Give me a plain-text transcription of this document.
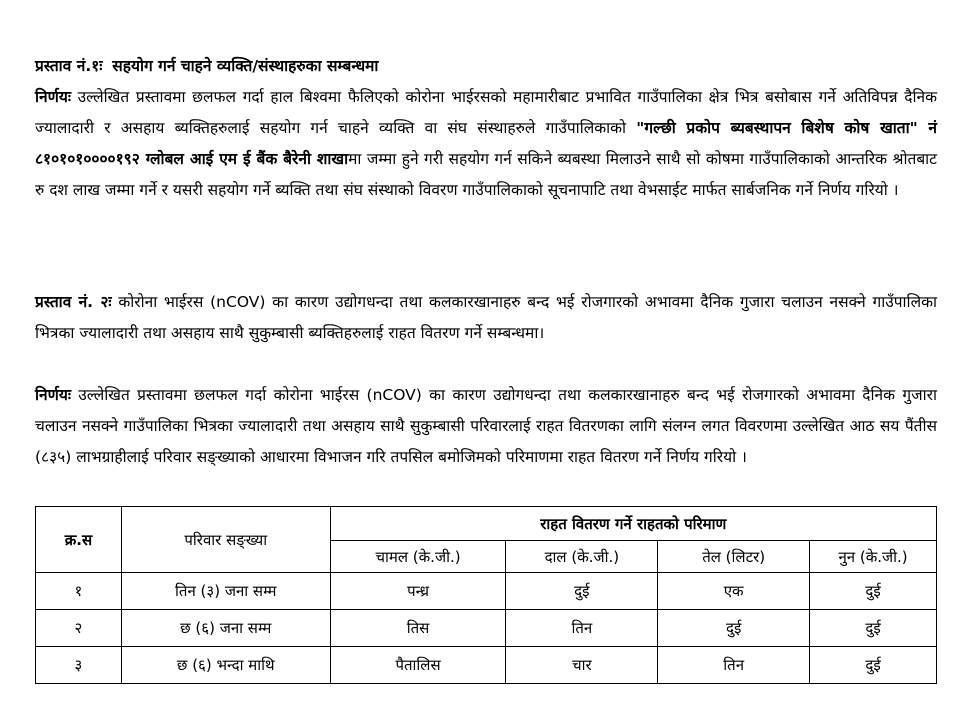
प्रस्ताव नं.१ः सहयोग गर्न चाहने व्यक्ति/संस्थाहरुका सम्बन्धमा
निर्णयः उल्लेखित प्रस्तावमा छलफल गर्दा हाल बिश्वमा फैलिएको कोरोना भाईरसको महामारीबाट प्रभावित गाउँपालिका क्षेत्र भित्र बसोबास गर्ने अतिविपन्न दैनिक ज्यालादारी र असहाय ब्यक्तिहरुलाई सहयोग गर्न चाहने व्यक्ति वा संघ संस्थाहरुले गाउँपालिकाको "गल्छी प्रकोप ब्यबस्थापन बिशेष कोष खाता" नं ८१०१०१००००१९२ ग्लोबल आई एम ई बैंक बैरेनी शाखामा जम्मा हुने गरी सहयोग गर्न सकिने ब्यबस्था मिलाउने साथै सो कोषमा गाउँपालिकाको आन्तरिक श्रोतबाट रु दश लाख जम्मा गर्ने र यसरी सहयोग गर्ने ब्यक्ति तथा संघ संस्थाको विवरण गाउँपालिकाको सूचनापाटि तथा वेभसाईट मार्फत सार्बजनिक गर्ने निर्णय गरियो ।
प्रस्ताव नं. २ः कोरोना भाईरस (nCOV) का कारण उद्योगधन्दा तथा कलकारखानाहरु बन्द भई रोजगारको अभावमा दैनिक गुजारा चलाउन नसक्ने गाउँपालिका भित्रका ज्यालादारी तथा असहाय साथै सुकुम्बासी ब्यक्तिहरुलाई राहत वितरण गर्ने सम्बन्धमा।
निर्णयः उल्लेखित प्रस्तावमा छलफल गर्दा कोरोना भाईरस (nCOV) का कारण उद्योगधन्दा तथा कलकारखानाहरु बन्द भई रोजगारको अभावमा दैनिक गुजारा चलाउन नसक्ने गाउँपालिका भित्रका ज्यालादारी तथा असहाय साथै सुकुम्बासी परिवारलाई राहत वितरणका लागि संलग्न लगत विवरणमा उल्लेखित आठ सय पैंतीस (८३५) लाभग्राहीलाई परिवार सङ्ख्याको आधारमा विभाजन गरि तपसिल बमोजिमको परिमाणमा राहत वितरण गर्ने निर्णय गरियो ।
क्र.स	परिवार सङ्ख्या	राहत वितरण गर्ने राहतको परिमाण			
		चामल (के.जी.)	दाल (के.जी.)	तेल (लिटर)	नुन (के.जी.)
१	तिन (३) जना सम्म	पन्ध्र	दुई	एक	दुई
२	छ (६) जना सम्म	तिस	तिन	दुई	दुई
३	छ (६) भन्दा माथि	पैतालिस	चार	तिन	दुई
